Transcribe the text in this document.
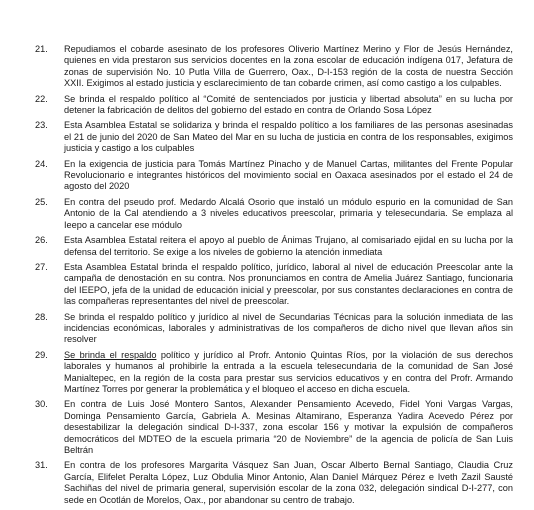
21. Repudiamos el cobarde asesinato de los profesores Oliverio Martínez Merino y Flor de Jesús Hernández, quienes en vida prestaron sus servicios docentes en la zona escolar de educación indígena 017, Jefatura de zonas de supervisión No. 10 Putla Villa de Guerrero, Oax., D-I-153 región de la costa de nuestra Sección XXII. Exigimos al estado justicia y esclarecimiento de tan cobarde crimen, así como castigo a los culpables.
22. Se brinda el respaldo político al “Comité de sentenciados por justicia y libertad absoluta” en su lucha por detener la fabricación de delitos del gobierno del estado en contra de Orlando Sosa López
23. Esta Asamblea Estatal se solidariza y brinda el respaldo político a los familiares de las personas asesinadas el 21 de junio del 2020 de San Mateo del Mar en su lucha de justicia en contra de los responsables, exigimos justicia y castigo a los culpables
24. En la exigencia de justicia para Tomás Martínez Pinacho y de Manuel Cartas, militantes del Frente Popular Revolucionario e integrantes históricos del movimiento social en Oaxaca asesinados por el estado el 24 de agosto del 2020
25. En contra del pseudo prof. Medardo Alcalá Osorio que instaló un módulo espurio en la comunidad de San Antonio de la Cal atendiendo a 3 niveles educativos preescolar, primaria y telesecundaria. Se emplaza al Ieepo a cancelar ese módulo
26. Esta Asamblea Estatal reitera el apoyo al pueblo de Ánimas Trujano, al comisariado ejidal en su lucha por la defensa del territorio. Se exige a los niveles de gobierno la atención inmediata
27. Esta Asamblea Estatal brinda el respaldo político, jurídico, laboral al nivel de educación Preescolar ante la campaña de denostación en su contra. Nos pronunciamos en contra de Amelia Juárez Santiago, funcionaria del IEEPO, jefa de la unidad de educación inicial y preescolar, por sus constantes declaraciones en contra de las compañeras representantes del nivel de preescolar.
28. Se brinda el respaldo político y jurídico al nivel de Secundarias Técnicas para la solución inmediata de las incidencias económicas, laborales y administrativas de los compañeros de dicho nivel que llevan años sin resolver
29. Se brinda el respaldo político y jurídico al Profr. Antonio Quintas Ríos, por la violación de sus derechos laborales y humanos al prohibirle la entrada a la escuela telesecundaria de la comunidad de San José Manialtepec, en la región de la costa para prestar sus servicios educativos y en contra del Profr. Armando Martínez Torres por generar la problemática y el bloqueo el acceso en dicha escuela.
30. En contra de Luis José Montero Santos, Alexander Pensamiento Acevedo, Fidel Yoni Vargas Vargas, Dominga Pensamiento García, Gabriela A. Mesinas Altamirano, Esperanza Yadira Acevedo Pérez por desestabilizar la delegación sindical D-I-337, zona escolar 156 y motivar la expulsión de compañeros democráticos del MDTEO de la escuela primaria “20 de Noviembre” de la agencia de policía de San Luis Beltrán
31. En contra de los profesores Margarita Vásquez San Juan, Oscar Alberto Bernal Santiago, Claudia Cruz García, Elifelet Peralta López, Luz Obdulia Minor Antonio, Alan Daniel Márquez Pérez e Iveth Zazil Sausté Sachiñas del nivel de primaria general, supervisión escolar de la zona 032, delegación sindical D-I-277, con sede en Ocotlán de Morelos, Oax., por abandonar su centro de trabajo.
